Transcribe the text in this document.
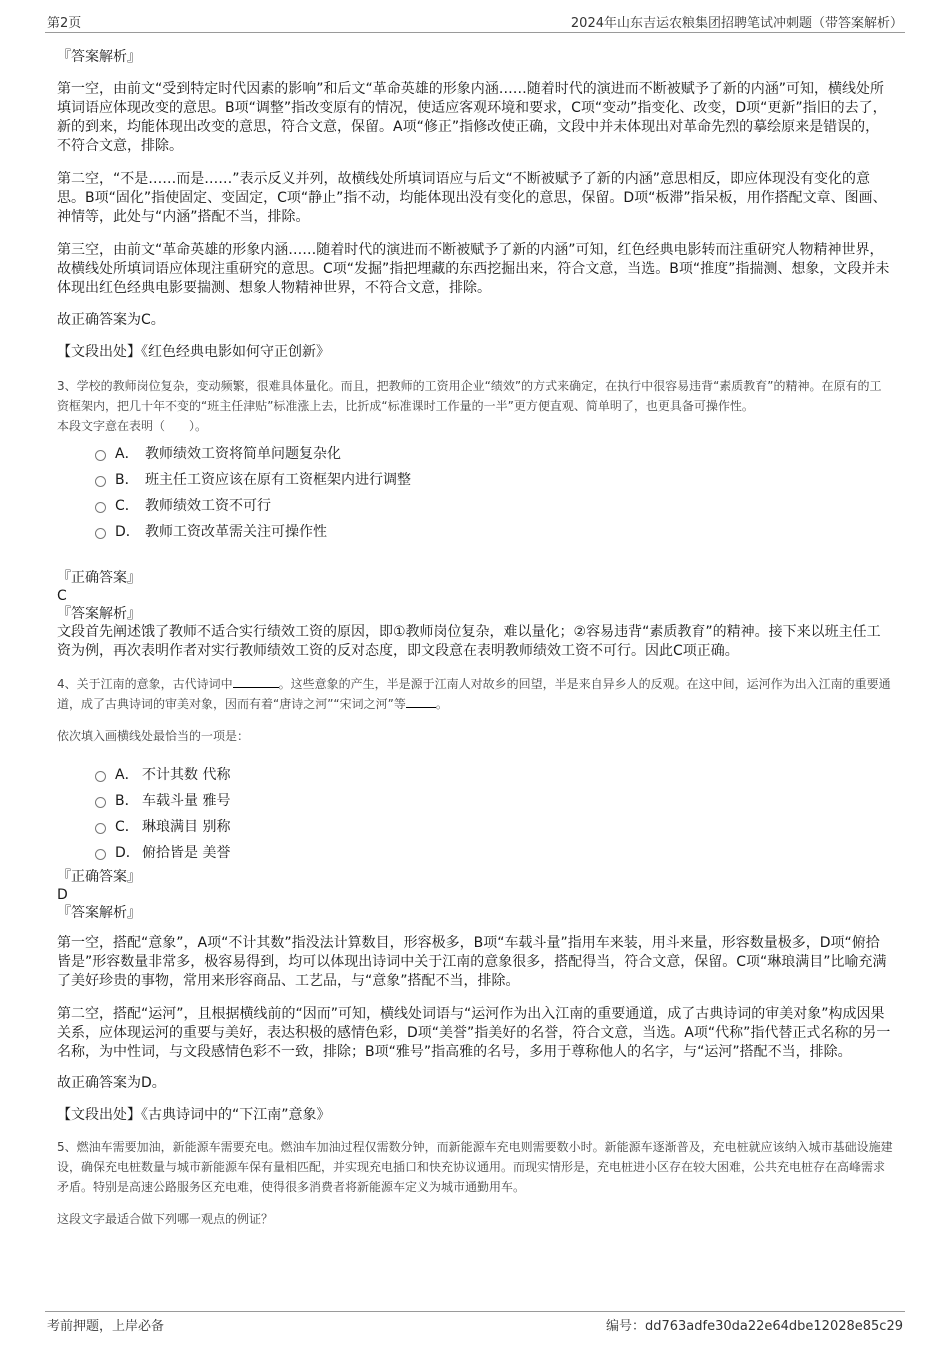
第2页	2024年山东吉运农粮集团招聘笔试冲刺题（带答案解析）

『答案解析』

第一空，由前文“受到特定时代因素的影响”和后文“革命英雄的形象内涵……随着时代的演进而不断被赋予了新的内涵”可知，横线处所填词语应体现改变的意思。B项“调整”指改变原有的情况，使适应客观环境和要求，C项“变动”指变化、改变，D项“更新”指旧的去了，新的到来，均能体现出改变的意思，符合文意，保留。A项“修正”指修改使正确，文段中并未体现出对革命先烈的摹绘原来是错误的，不符合文意，排除。

第二空，“不是……而是……”表示反义并列，故横线处所填词语应与后文“不断被赋予了新的内涵”意思相反，即应体现没有变化的意思。B项“固化”指使固定、变固定，C项“静止”指不动，均能体现出没有变化的意思，保留。D项“板滞”指呆板，用作搭配文章、图画、神情等，此处与“内涵”搭配不当，排除。

第三空，由前文“革命英雄的形象内涵……随着时代的演进而不断被赋予了新的内涵”可知，红色经典电影转而注重研究人物精神世界，故横线处所填词语应体现注重研究的意思。C项“发掘”指把埋藏的东西挖掘出来，符合文意，当选。B项“推度”指揣测、想象，文段并未体现出红色经典电影要揣测、想象人物精神世界，不符合文意，排除。

故正确答案为C。

【文段出处】《红色经典电影如何守正创新》

3、学校的教师岗位复杂，变动频繁，很难具体量化。而且，把教师的工资用企业“绩效”的方式来确定，在执行中很容易违背“素质教育”的精神。在原有的工资框架内，把几十年不变的“班主任津贴”标准涨上去，比折成“标准课时工作量的一半”更方便直观、简单明了，也更具备可操作性。

本段文字意在表明（　　）。

A． 教师绩效工资将简单问题复杂化
B． 班主任工资应该在原有工资框架内进行调整
C． 教师绩效工资不可行
D． 教师工资改革需关注可操作性

『正确答案』

C

『答案解析』

文段首先阐述饿了教师不适合实行绩效工资的原因，即①教师岗位复杂，难以量化；②容易违背“素质教育”的精神。接下来以班主任工资为例，再次表明作者对实行教师绩效工资的反对态度，即文段意在表明教师绩效工资不可行。因此C项正确。

4、关于江南的意象，古代诗词中	。这些意象的产生，半是源于江南人对故乡的回望，半是来自异乡人的反观。在这中间，运河作为出入江南的重要通道，成了古典诗词的审美对象，因而有着“唐诗之河”“宋词之河”等	。

依次填入画横线处最恰当的一项是：

A． 不计其数 代称
B． 车载斗量 雅号
C． 琳琅满目 别称
D． 俯拾皆是 美誉

『正确答案』

D

『答案解析』

第一空，搭配“意象”，A项“不计其数”指没法计算数目，形容极多，B项“车载斗量”指用车来装，用斗来量，形容数量极多，D项“俯拾皆是”形容数量非常多，极容易得到，均可以体现出诗词中关于江南的意象很多，搭配得当，符合文意，保留。C项“琳琅满目”比喻充满了美好珍贵的事物，常用来形容商品、工艺品，与“意象”搭配不当，排除。

第二空，搭配“运河”，且根据横线前的“因而”可知，横线处词语与“运河作为出入江南的重要通道，成了古典诗词的审美对象”构成因果关系，应体现运河的重要与美好，表达积极的感情色彩，D项“美誉”指美好的名誉，符合文意，当选。A项“代称”指代替正式名称的另一名称，为中性词，与文段感情色彩不一致，排除；B项“雅号”指高雅的名号，多用于尊称他人的名字，与“运河”搭配不当，排除。

故正确答案为D。

【文段出处】《古典诗词中的“下江南”意象》

5、燃油车需要加油，新能源车需要充电。燃油车加油过程仅需数分钟，而新能源车充电则需要数小时。新能源车逐渐普及，充电桩就应该纳入城市基础设施建设，确保充电桩数量与城市新能源车保有量相匹配，并实现充电插口和快充协议通用。而现实情形是，充电桩进小区存在较大困难，公共充电桩存在高峰需求矛盾。特别是高速公路服务区充电难，使得很多消费者将新能源车定义为城市通勤用车。

这段文字最适合做下列哪一观点的例证？

考前押题，上岸必备	编号：dd763adfe30da22e64dbe12028e85c29
